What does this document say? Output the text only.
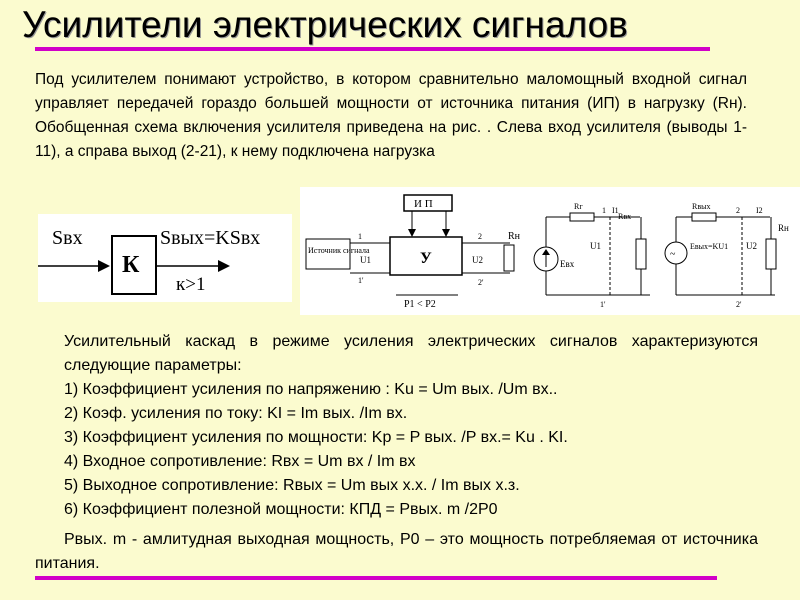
Усилители электрических сигналов
Под усилителем понимают устройство, в котором сравнительно маломощный входной сигнал управляет передачей гораздо большей мощности от источника питания (ИП) в нагрузку (Rн). Обобщенная схема включения усилителя приведена на рис. . Слева вход усилителя (выводы 1-11), а справа выход (2-21), к нему подключена нагрузка
Sвх
К
Sвых=KSвх
к>1
Источник сигнала
И П
У
U1
1
1'
U2
Rн
2
2'
P1 < P2
Eвх
Rг 1 I1
U1
Rвх
1'
~
Rвых
Eвых=KU1
2 I2
U2
Rн
2'
Усилительный каскад в режиме усиления электрических сигналов характеризуются следующие параметры:
1) Коэффициент усиления по напряжению : Ku = Um вых. /Um вх..
2) Коэф. усиления по току: KI = Im вых. /Im вх.
3) Коэффициент усиления по мощности: Kp = P вых. /P вх.= Ku . KI.
4) Входное сопротивление: Rвх = Um вх / Im вх
5) Выходное сопротивление: Rвых = Um вых х.х. / Im вых х.з.
6) Коэффициент полезной мощности: КПД = Pвых. m /2P0
Pвых. m - амлитудная выходная мощность, P0 – это мощность потребляемая от источника питания.
